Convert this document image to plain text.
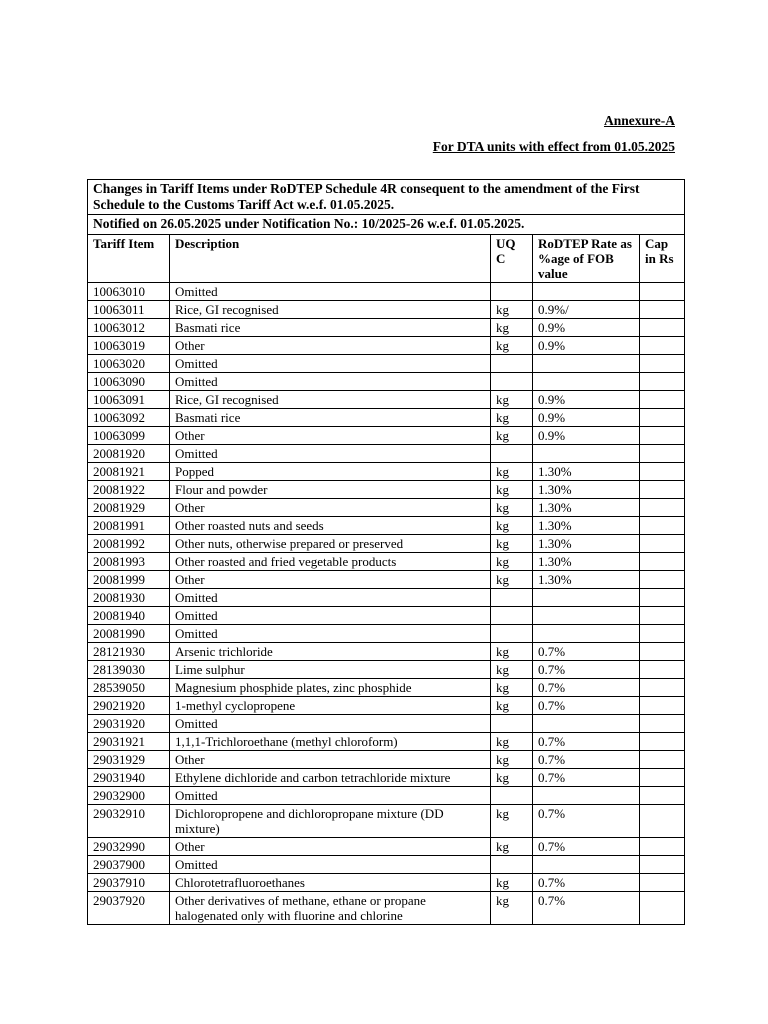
Annexure-A
For DTA units with effect from 01.05.2025
Changes in Tariff Items under RoDTEP Schedule 4R consequent to the amendment of the First Schedule to the Customs Tariff Act w.e.f. 01.05.2025.				
Notified on 26.05.2025 under Notification No.: 10/2025-26 w.e.f. 01.05.2025.				
Tariff Item	Description	UQ C	RoDTEP Rate as %age of FOB value	Cap in Rs
10063010	Omitted			
10063011	Rice, GI recognised	kg	0.9%/	
10063012	Basmati rice	kg	0.9%	
10063019	Other	kg	0.9%	
10063020	Omitted			
10063090	Omitted			
10063091	Rice, GI recognised	kg	0.9%	
10063092	Basmati rice	kg	0.9%	
10063099	Other	kg	0.9%	
20081920	Omitted			
20081921	Popped	kg	1.30%	
20081922	Flour and powder	kg	1.30%	
20081929	Other	kg	1.30%	
20081991	Other roasted nuts and seeds	kg	1.30%	
20081992	Other nuts, otherwise prepared or preserved	kg	1.30%	
20081993	Other roasted and fried vegetable products	kg	1.30%	
20081999	Other	kg	1.30%	
20081930	Omitted			
20081940	Omitted			
20081990	Omitted			
28121930	Arsenic trichloride	kg	0.7%	
28139030	Lime sulphur	kg	0.7%	
28539050	Magnesium phosphide plates, zinc phosphide	kg	0.7%	
29021920	1-methyl cyclopropene	kg	0.7%	
29031920	Omitted			
29031921	1,1,1-Trichloroethane (methyl chloroform)	kg	0.7%	
29031929	Other	kg	0.7%	
29031940	Ethylene dichloride and carbon tetrachloride mixture	kg	0.7%	
29032900	Omitted			
29032910	Dichloropropene and dichloropropane mixture (DD mixture)	kg	0.7%	
29032990	Other	kg	0.7%	
29037900	Omitted			
29037910	Chlorotetrafluoroethanes	kg	0.7%	
29037920	Other derivatives of methane, ethane or propane halogenated only with fluorine and chlorine	kg	0.7%	
